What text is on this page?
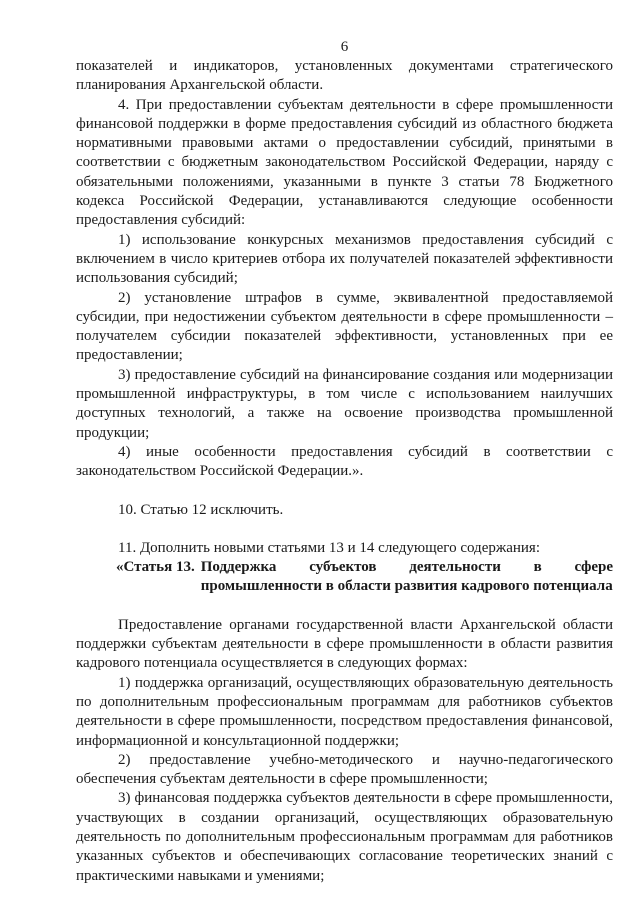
6

показателей и индикаторов, установленных документами стратегического планирования Архангельской области.

4. При предоставлении субъектам деятельности в сфере промышленности финансовой поддержки в форме предоставления субсидий из областного бюджета нормативными правовыми актами о предоставлении субсидий, принятыми в соответствии с бюджетным законодательством Российской Федерации, наряду с обязательными положениями, указанными в пункте 3 статьи 78 Бюджетного кодекса Российской Федерации, устанавливаются следующие особенности предоставления субсидий:

1) использование конкурсных механизмов предоставления субсидий с включением в число критериев отбора их получателей показателей эффективности использования субсидий;

2) установление штрафов в сумме, эквивалентной предоставляемой субсидии, при недостижении субъектом деятельности в сфере промышленности – получателем субсидии показателей эффективности, установленных при ее предоставлении;

3) предоставление субсидий на финансирование создания или модернизации промышленной инфраструктуры, в том числе с использованием наилучших доступных технологий, а также на освоение производства промышленной продукции;

4) иные особенности предоставления субсидий в соответствии с законодательством Российской Федерации.».

10. Статью 12 исключить.

11. Дополнить новыми статьями 13 и 14 следующего содержания:

«Статья 13. Поддержка субъектов деятельности в сфере промышленности в области развития кадрового потенциала

Предоставление органами государственной власти Архангельской области поддержки субъектам деятельности в сфере промышленности в области развития кадрового потенциала осуществляется в следующих формах:

1) поддержка организаций, осуществляющих образовательную деятельность по дополнительным профессиональным программам для работников субъектов деятельности в сфере промышленности, посредством предоставления финансовой, информационной и консультационной поддержки;

2) предоставление учебно-методического и научно-педагогического обеспечения субъектам деятельности в сфере промышленности;

3) финансовая поддержка субъектов деятельности в сфере промышленности, участвующих в создании организаций, осуществляющих образовательную деятельность по дополнительным профессиональным программам для работников указанных субъектов и обеспечивающих согласование теоретических знаний с практическими навыками и умениями;
